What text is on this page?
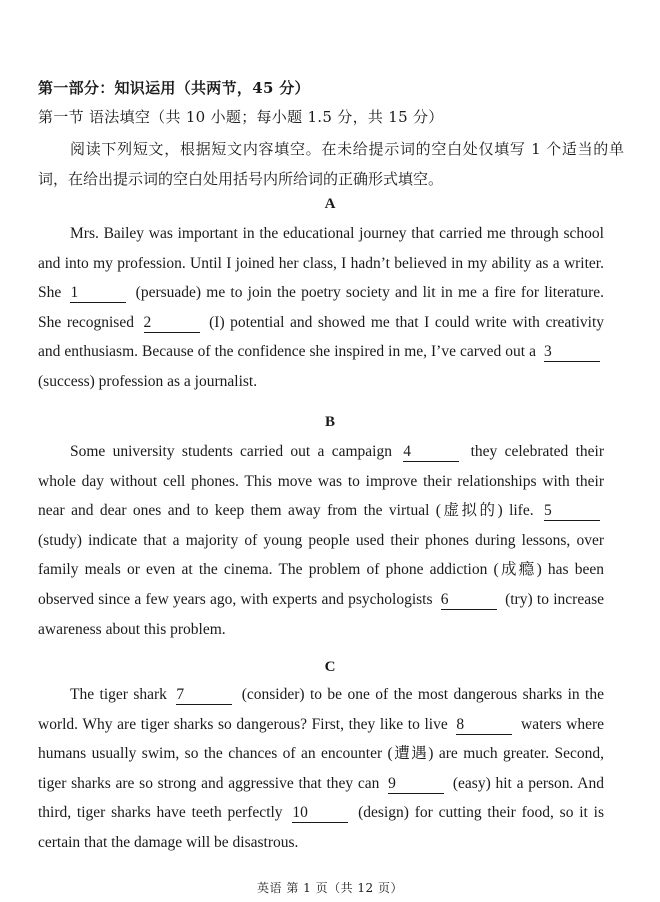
第一部分：知识运用（共两节，45 分）
第一节 语法填空（共 10 小题；每小题 1.5 分，共 15 分）

阅读下列短文，根据短文内容填空。在未给提示词的空白处仅填写 1 个适当的单词，在给出提示词的空白处用括号内所给词的正确形式填空。

A

Mrs. Bailey was important in the educational journey that carried me through school and into my profession. Until I joined her class, I hadn’t believed in my ability as a writer. She 1	(persuade) me to join the poetry society and lit in me a fire for literature. She recognised 2	(I) potential and showed me that I could write with creativity and enthusiasm. Because of the confidence she inspired in me, I’ve carved out a 3 (success) profession as a journalist.

B

Some university students carried out a campaign 4	they celebrated their whole day without cell phones. This move was to improve their relationships with their near and dear ones and to keep them away from the virtual (虚拟的) life. 5 (study) indicate that a majority of young people used their phones during lessons, over family meals or even at the cinema. The problem of phone addiction (成瘾) has been observed since a few years ago, with experts and psychologists 6	(try) to increase awareness about this problem.

C

The tiger shark 7	(consider) to be one of the most dangerous sharks in the world. Why are tiger sharks so dangerous? First, they like to live 8	waters where humans usually swim, so the chances of an encounter (遭遇) are much greater. Second, tiger sharks are so strong and aggressive that they can 9	(easy) hit a person. And third, tiger sharks have teeth perfectly 10	(design) for cutting their food, so it is certain that the damage will be disastrous.

英语 第 1 页（共 12 页）
